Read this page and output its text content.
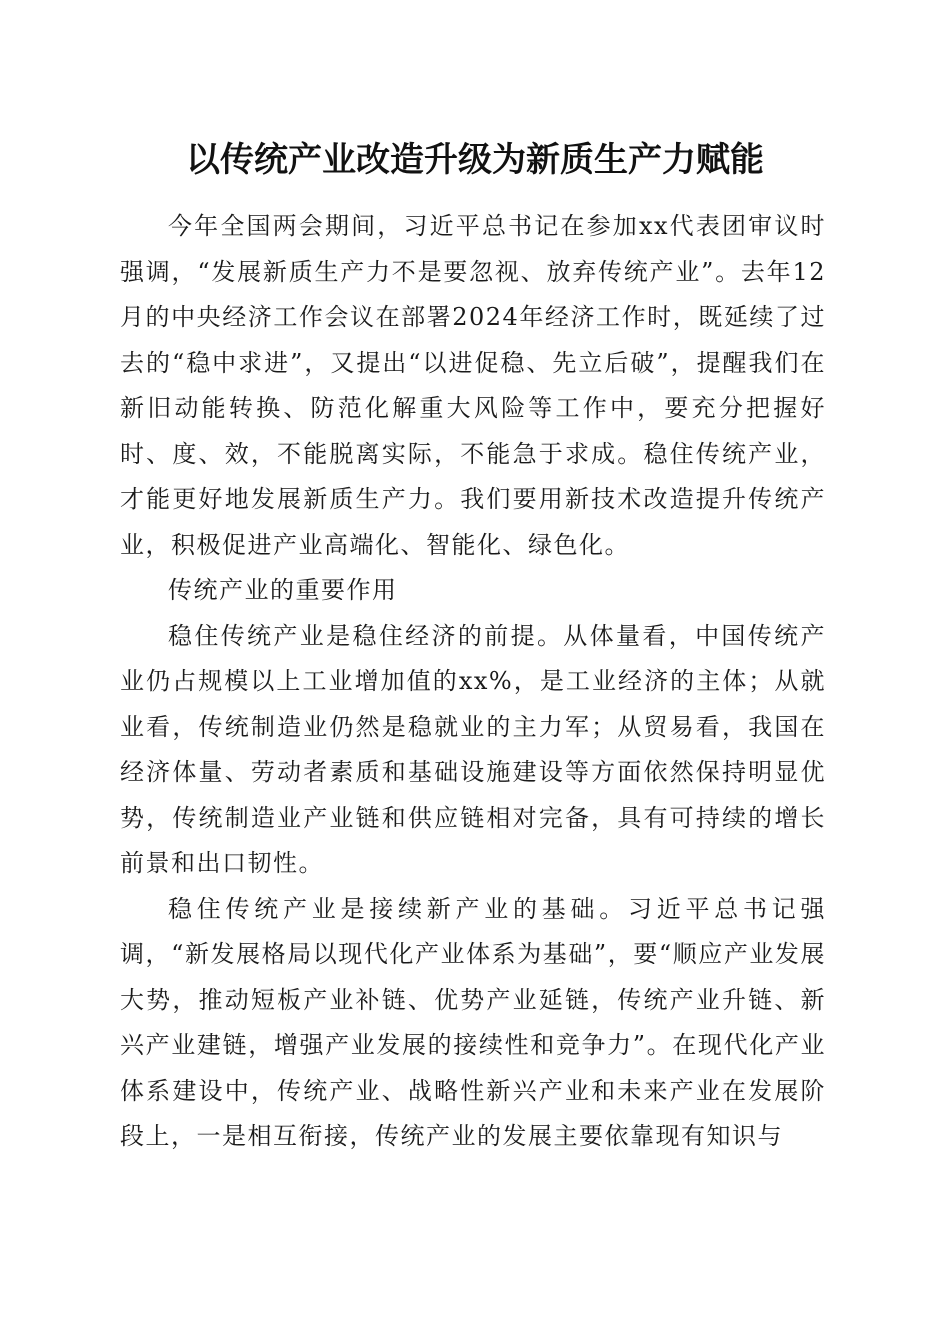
以传统产业改造升级为新质生产力赋能

今年全国两会期间，习近平总书记在参加xx代表团审议时强调，“发展新质生产力不是要忽视、放弃传统产业”。去年12月的中央经济工作会议在部署2024年经济工作时，既延续了过去的“稳中求进”，又提出“以进促稳、先立后破”，提醒我们在新旧动能转换、防范化解重大风险等工作中，要充分把握好时、度、效，不能脱离实际，不能急于求成。稳住传统产业，才能更好地发展新质生产力。我们要用新技术改造提升传统产业，积极促进产业高端化、智能化、绿色化。

传统产业的重要作用

稳住传统产业是稳住经济的前提。从体量看，中国传统产业仍占规模以上工业增加值的xx%，是工业经济的主体；从就业看，传统制造业仍然是稳就业的主力军；从贸易看，我国在经济体量、劳动者素质和基础设施建设等方面依然保持明显优势，传统制造业产业链和供应链相对完备，具有可持续的增长前景和出口韧性。

稳住传统产业是接续新产业的基础。习近平总书记强调，“新发展格局以现代化产业体系为基础”，要“顺应产业发展大势，推动短板产业补链、优势产业延链，传统产业升链、新兴产业建链，增强产业发展的接续性和竞争力”。在现代化产业体系建设中，传统产业、战略性新兴产业和未来产业在发展阶段上，一是相互衔接，传统产业的发展主要依靠现有知识与
